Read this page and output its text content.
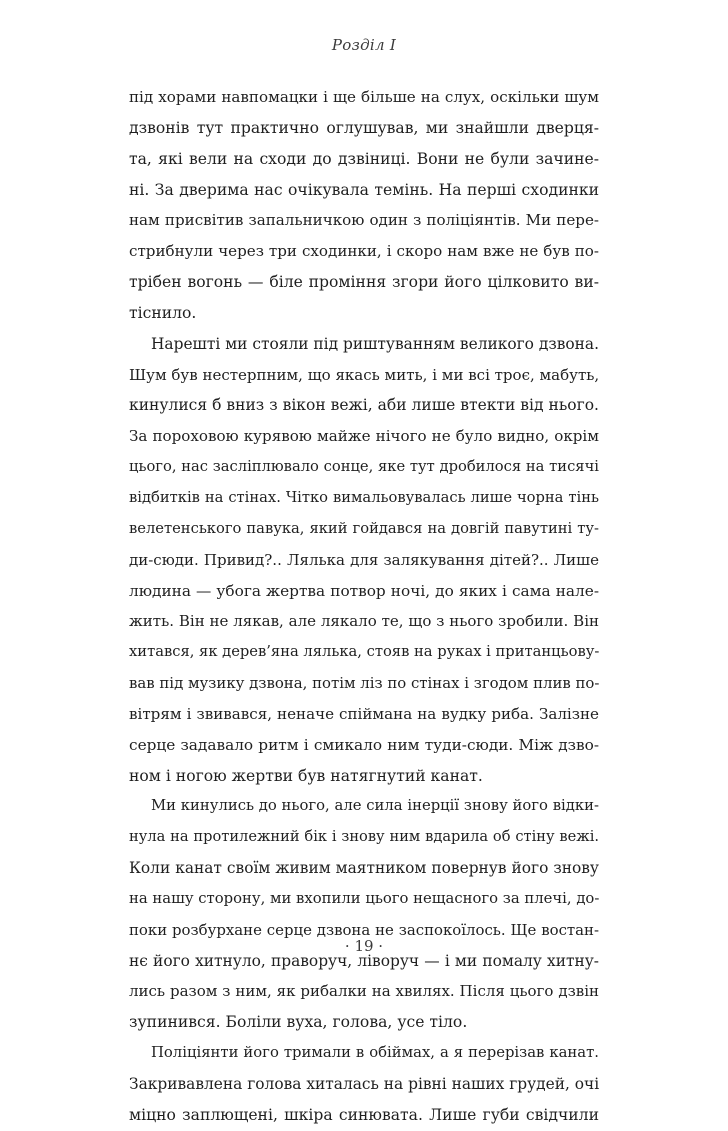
Розділ I
під хорами навпомацки і ще більше на слух, оскільки шум
дзвонів тут практично оглушував, ми знайшли дверця-
та, які вели на сходи до дзвіниці. Вони не були зачине-
ні. За дверима нас очікувала темінь. На перші сходинки
нам присвітив запальничкою один з поліціянтів. Ми пере-
стрибнули через три сходинки, і скоро нам вже не був по-
трібен вогонь — біле проміння згори його цілковито ви-
тіснило.
Нарешті ми стояли під риштуванням великого дзвона.
Шум був нестерпним, що якась мить, і ми всі троє, мабуть,
кинулися б вниз з вікон вежі, аби лише втекти від нього.
За пороховою курявою майже нічого не було видно, окрім
цього, нас засліплювало сонце, яке тут дробилося на тисячі
відбитків на стінах. Чітко вимальовувалась лише чорна тінь
велетенського павука, який гойдався на довгій павутині ту-
ди-сюди. Привид?.. Лялька для залякування дітей?.. Лише
людина — убога жертва потвор ночі, до яких і сама нале-
жить. Він не лякав, але лякало те, що з нього зробили. Він
хитався, як дерев’яна лялька, стояв на руках і пританцьову-
вав під музику дзвона, потім ліз по стінах і згодом плив по-
вітрям і звивався, неначе спіймана на вудку риба. Залізне
серце задавало ритм і смикало ним туди-сюди. Між дзво-
ном і ногою жертви був натягнутий канат.
Ми кинулись до нього, але сила інерції знову його відки-
нула на протилежний бік і знову ним вдарила об стіну вежі.
Коли канат своїм живим маятником повернув його знову
на нашу сторону, ми вхопили цього нещасного за плечі, до-
поки розбурхане серце дзвона не заспокоїлось. Ще востан-
нє його хитнуло, праворуч, ліворуч — і ми помалу хитну-
лись разом з ним, як рибалки на хвилях. Після цього дзвін
зупинився. Боліли вуха, голова, усе тіло.
Поліціянти його тримали в обіймах, а я перерізав канат.
Закривавлена голова хиталась на рівні наших грудей, очі
міцно заплющені, шкіра синювата. Лише губи свідчили
· 19 ·
